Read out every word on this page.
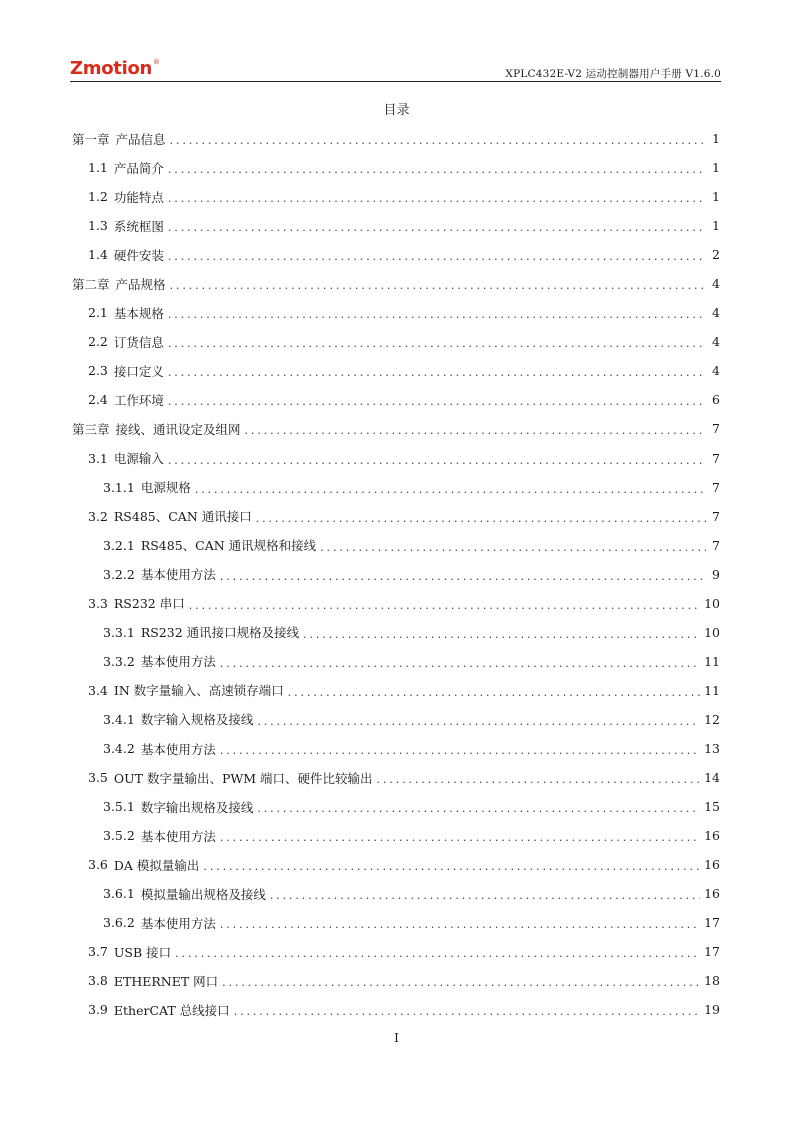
Zmotion®
XPLC432E-V2 运动控制器用户手册 V1.6.0
目录
第一章 产品信息 .....	1
1.1 产品简介 .....	1
1.2 功能特点 .....	1
1.3 系统框图 .....	1
1.4 硬件安装 .....	2
第二章 产品规格 .....	4
2.1 基本规格 .....	4
2.2 订货信息 .....	4
2.3 接口定义 .....	4
2.4 工作环境 .....	6
第三章 接线、通讯设定及组网 .....	7
3.1 电源输入 .....	7
3.1.1 电源规格 .....	7
3.2 RS485、CAN 通讯接口 .....	7
3.2.1 RS485、CAN 通讯规格和接线 .....	7
3.2.2 基本使用方法 .....	9
3.3 RS232 串口 .....	10
3.3.1 RS232 通讯接口规格及接线 .....	10
3.3.2 基本使用方法 .....	11
3.4 IN 数字量输入、高速锁存端口 .....	11
3.4.1 数字输入规格及接线 .....	12
3.4.2 基本使用方法 .....	13
3.5 OUT 数字量输出、PWM 端口、硬件比较输出 .....	14
3.5.1 数字输出规格及接线 .....	15
3.5.2 基本使用方法 .....	16
3.6 DA 模拟量输出 .....	16
3.6.1 模拟量输出规格及接线 .....	16
3.6.2 基本使用方法 .....	17
3.7 USB 接口 .....	17
3.8 ETHERNET 网口 .....	18
3.9 EtherCAT 总线接口 .....	19
I
